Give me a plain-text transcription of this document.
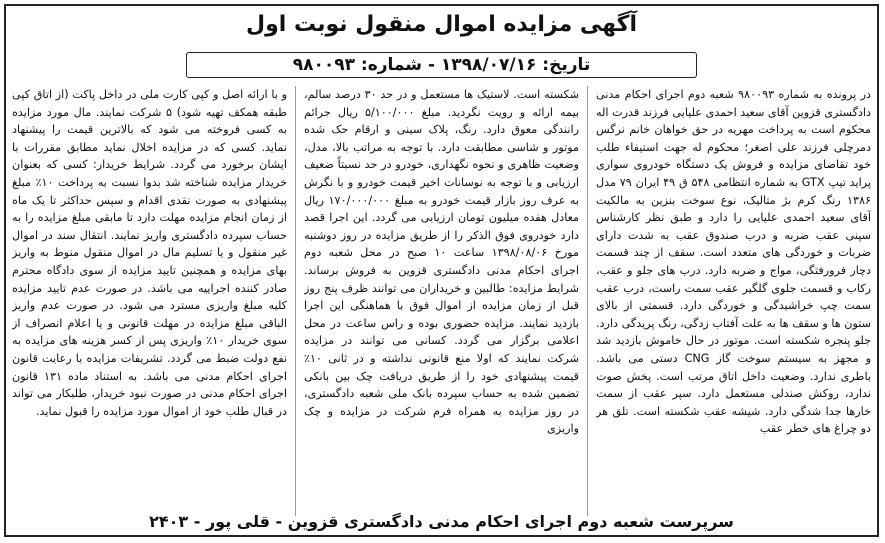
آگهی مزایده اموال منقول نوبت اول
تاریخ: ۱۳۹۸/۰۷/۱۶ - شماره: ۹۸۰۰۹۳
در پرونده به شماره ۹۸۰۰۹۳ شعبه دوم اجرای احکام مدنی دادگستری قزوین آقای سعید احمدی علیایی فرزند قدرت اله محکوم است به پرداخت مهریه در حق خواهان خانم نرگس دمرچلی فرزند علی اصغر؛ محکوم له جهت استیفاء طلب خود تقاضای مزایده و فروش یک دستگاه خودروی سواری پراید تیپ GTX به شماره انتظامی ۵۴۸ ق ۴۹ ایران ۷۹ مدل ۱۳۸۶ رنگ کرم بژ متالیک، نوع سوخت بنزین به مالکیت آقای سعید احمدی علیایی را دارد و طبق نظر کارشناس سپنی عقب ضربه و درب صندوق عقب به شدت دارای ضربات و خوردگی های متعدد است. سقف از چند قسمت دچار فرورفتگی، مواج و ضربه دارد. درب های جلو و عقب، رکاب و قسمت جلوی گلگیر عقب سمت راست، درب عقب سمت چپ خراشیدگی و خوردگی دارد. قسمتی از بالای ستون ها و سقف ها به علت آفتاب زدگی، رنگ پریدگی دارد. جلو پنجره شکسته است. موتور در حال خاموش بازدید شد و مجهز به سیستم سوخت گاز CNG دستی می باشد. باطری ندارد. وضعیت داخل اتاق مرتب است. پخش صوت ندارد، روکش صندلی مستعمل دارد. سپر عقب از سمت خارها جدا شدگی دارد. شیشه عقب شکسته است. تلق هر دو چراغ های خطر عقب
شکسته است. لاستیک ها مستعمل و در حد ۳۰ درصد سالم، بیمه ارائه و رویت نگردید. مبلغ ۵/۱۰۰/۰۰۰ ریال جرائم رانندگی معوق دارد. رنگ، پلاک سینی و ارقام حک شده موتور و شاسی مطابقت دارد. با توجه به مراتب بالا، مدل، وضعیت ظاهری و نحوه نگهداری، خودرو در حد نسبتاً ضعیف ارزیابی و با توجه به نوسانات اخیر قیمت خودرو و با نگرش به عرف روز بازار قیمت خودرو به مبلغ ۱۷۰/۰۰۰/۰۰۰ ریال معادل هفده میلیون تومان ارزیابی می گردد. این اجرا قصد دارد خودروی فوق الذکر را از طریق مزایده در روز دوشنبه مورخ ۱۳۹۸/۰۸/۰۶ ساعت ۱۰ صبح در محل شعبه دوم اجرای احکام مدنی دادگستری قزوین به فروش برساند. شرایط مزایده: طالبین و خریداران می توانند ظرف پنج روز قبل از زمان مزایده از اموال فوق با هماهنگی این اجرا بازدید نمایند. مزایده حضوری بوده و راس ساعت در محل اعلامی برگزار می گردد. کسانی می توانند در مزایده شرکت نمایند که اولا منع قانونی نداشته و در ثانی ۱۰٪ قیمت پیشنهادی خود را از طریق دریافت چک بین بانکی تضمین شده به حساب سپرده بانک ملی شعبه دادگستری، در روز مزایده به همراه فرم شرکت در مزایده و چک واریزی
و با ارائه اصل و کپی کارت ملی در داخل پاکت (از اتاق کپی طبقه همکف تهیه شود) ۵ شرکت نمایند. مال مورد مزایده به کسی فروخته می شود که بالاترین قیمت را پیشنهاد نماید. کسی که در مزایده اخلال نماید مطابق مقررات با ایشان برخورد می گردد. شرایط خریدار: کسی که بعنوان خریدار مزایده شناخته شد بدوا نسبت به پرداخت ۱۰٪ مبلغ پیشنهادی به صورت نقدی اقدام و سپس حداکثر تا یک ماه از زمان انجام مزایده مهلت دارد تا مابقی مبلغ مزایده را به حساب سپرده دادگستری واریز نمایند. انتقال سند در اموال غیر منقول و یا تسلیم مال در اموال منقول منوط به واریز بهای مزایده و همچنین تایید مزایده از سوی دادگاه محترم صادر کننده اجراییه می باشد. در صورت عدم تایید مزایده کلیه مبلغ واریزی مسترد می شود. در صورت عدم واریز الباقی مبلغ مزایده در مهلت قانونی و یا اعلام انصراف از سوی خریدار ۱۰٪ واریزی پس از کسر هزینه های مزایده به نفع دولت ضبط می گردد. تشریفات مزایده با رعایت قانون اجرای احکام مدنی می باشد. به استناد ماده ۱۳۱ قانون اجرای احکام مدنی در صورت نبود خریدار، طلبکار می تواند در قبال طلب خود از اموال مورد مزایده را قبول نماید.
سرپرست شعبه دوم اجرای احکام مدنی دادگستری قزوین - قلی پور - ۲۴۰۳
